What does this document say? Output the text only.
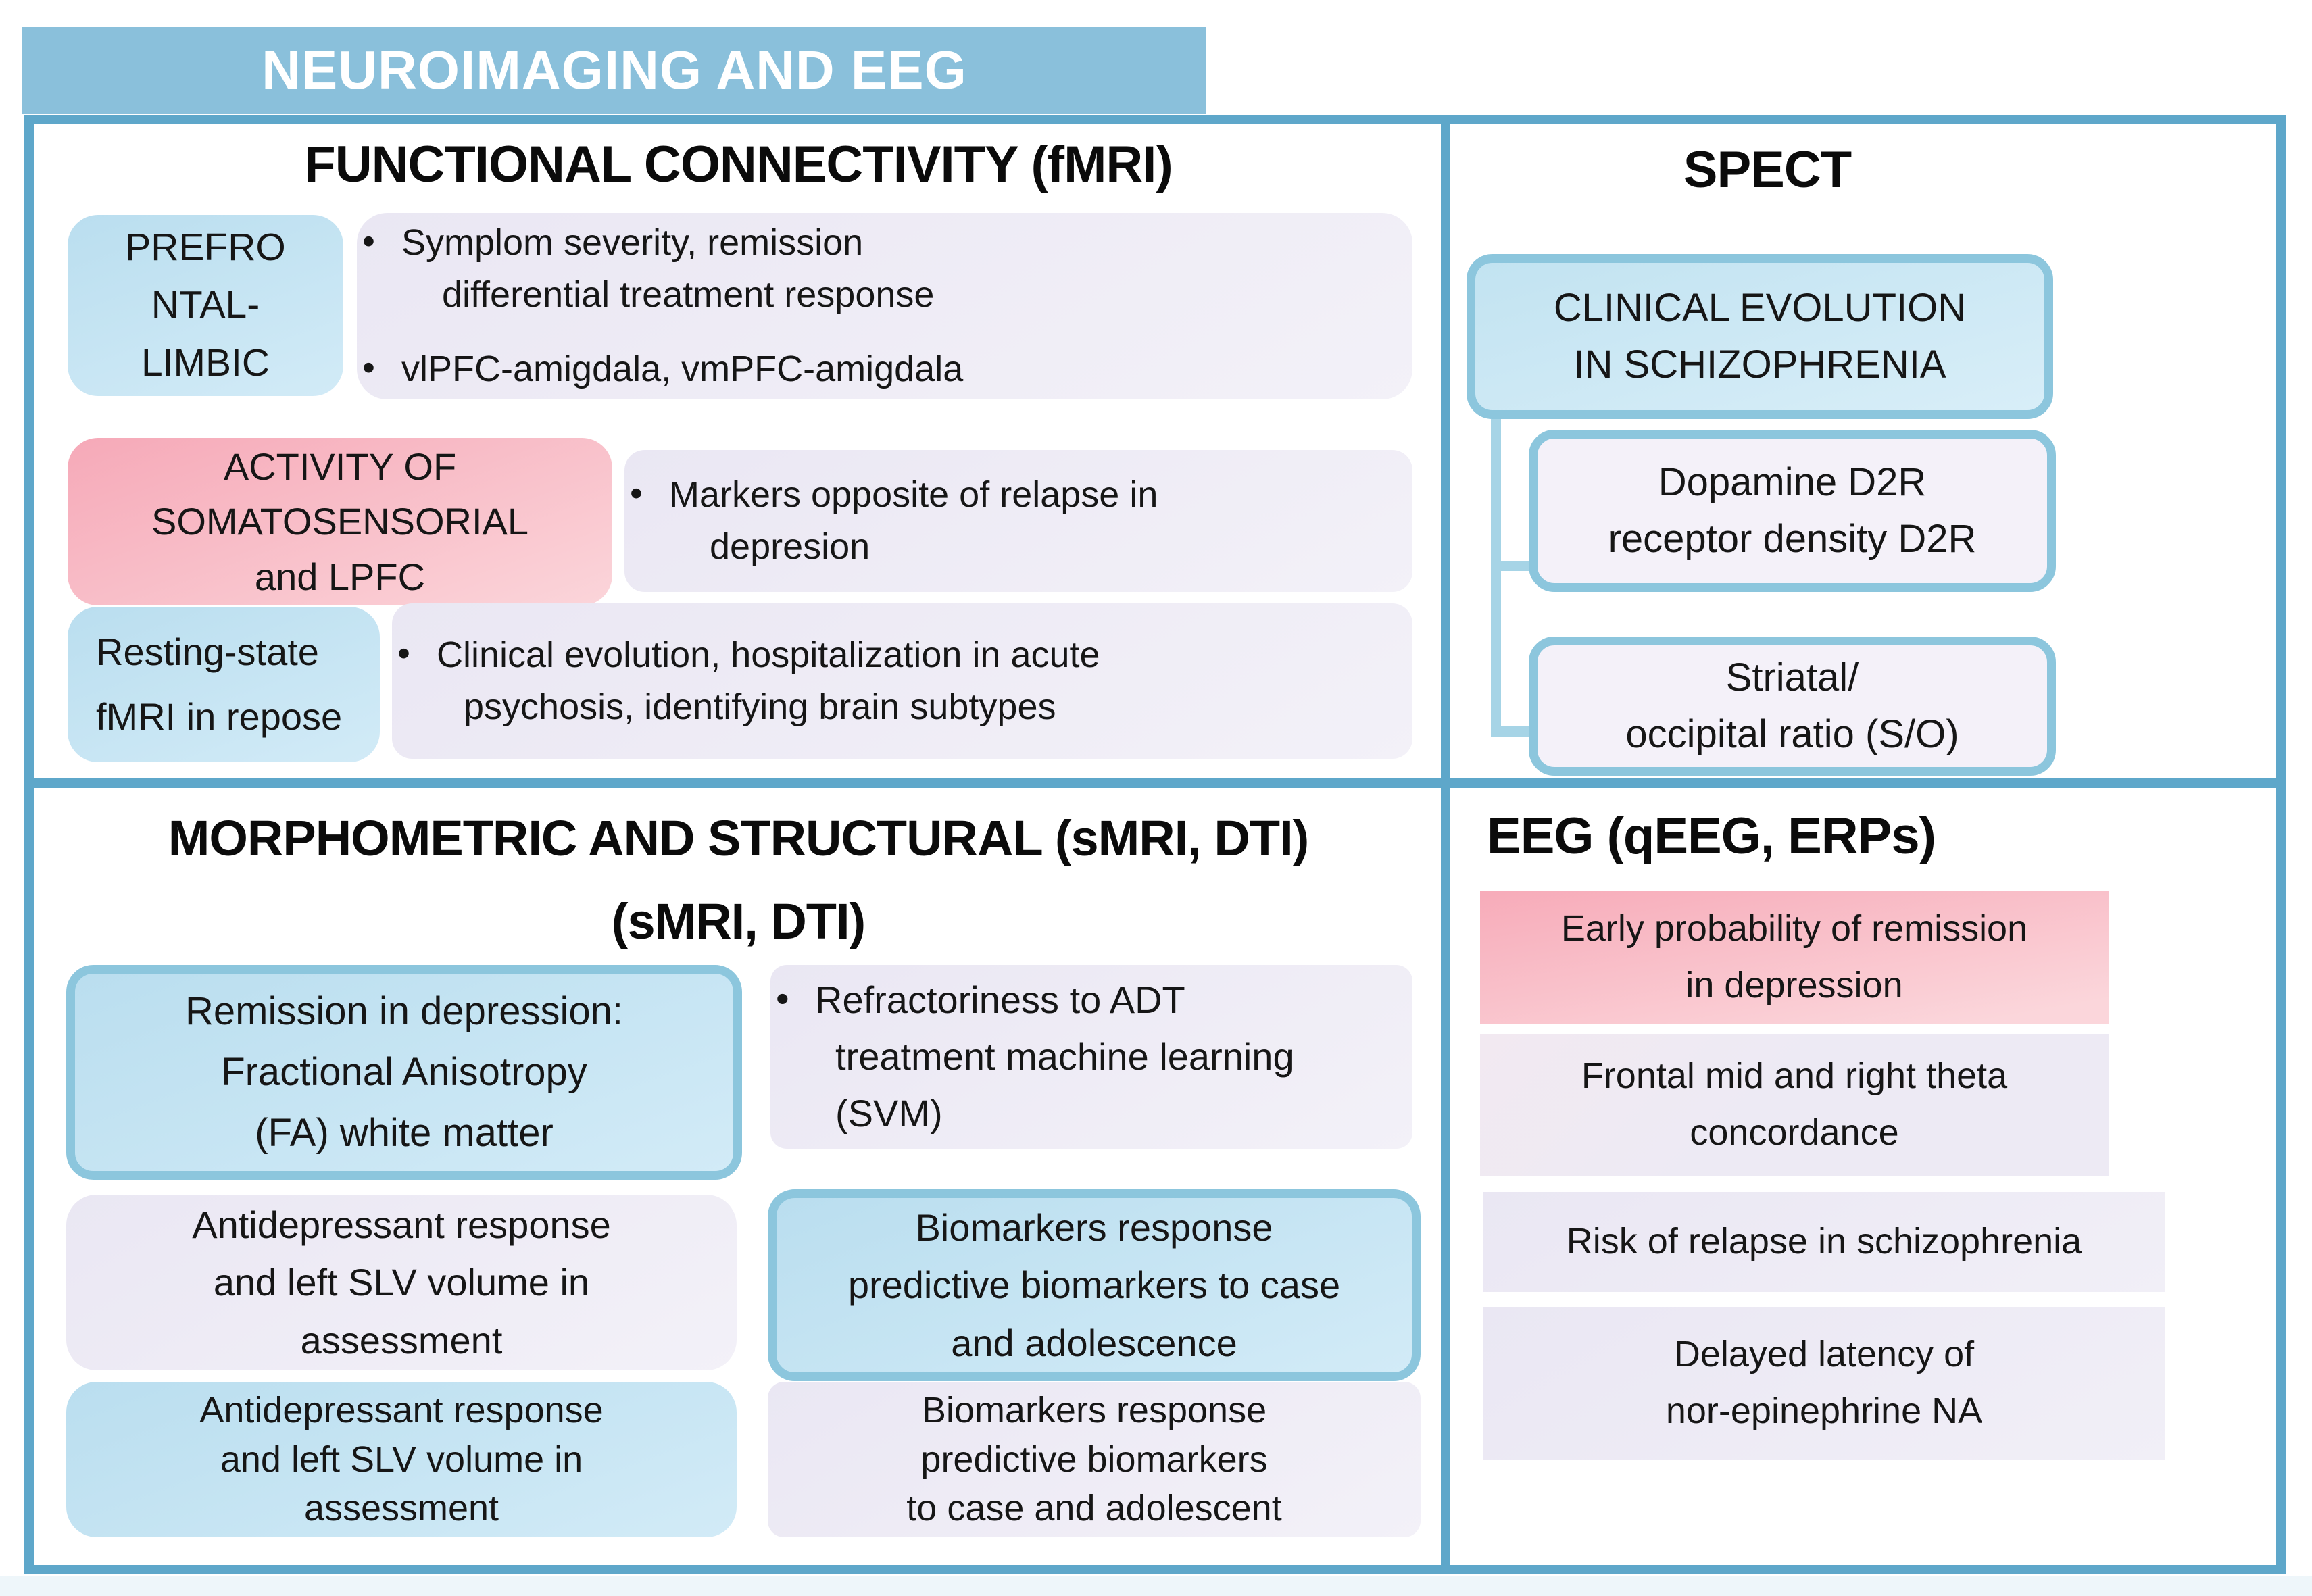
NEUROIMAGING AND EEG
FUNCTIONAL CONNECTIVITY (fMRI)
PREFRO
NTAL-
LIMBIC
• Symplom severity, remission
differential treatment response
• vlPFC-amigdala, vmPFC-amigdala
ACTIVITY OF
SOMATOSENSORIAL
and LPFC
• Markers opposite of relapse in
depresion
Resting-state
fMRI in repose
• Clinical evolution, hospitalization in acute
psychosis, identifying brain subtypes
SPECT
CLINICAL EVOLUTION
IN SCHIZOPHRENIA
Dopamine D2R
receptor density D2R
Striatal/
occipital ratio (S/O)
MORPHOMETRIC AND STRUCTURAL (sMRI, DTI)
(sMRI, DTI)
Remission in depression:
Fractional Anisotropy
(FA) white matter
• Refractoriness to ADT
treatment machine learning
(SVM)
Antidepressant response
and left SLV volume in
assessment
Biomarkers response
predictive biomarkers to case
and adolescence
Antidepressant response
and left SLV volume in
assessment
Biomarkers response
predictive biomarkers
to case and adolescent
EEG (qEEG, ERPs)
Early probability of remission
in depression
Frontal mid and right theta
concordance
Risk of relapse in schizophrenia
Delayed latency of
nor-epinephrine NA
